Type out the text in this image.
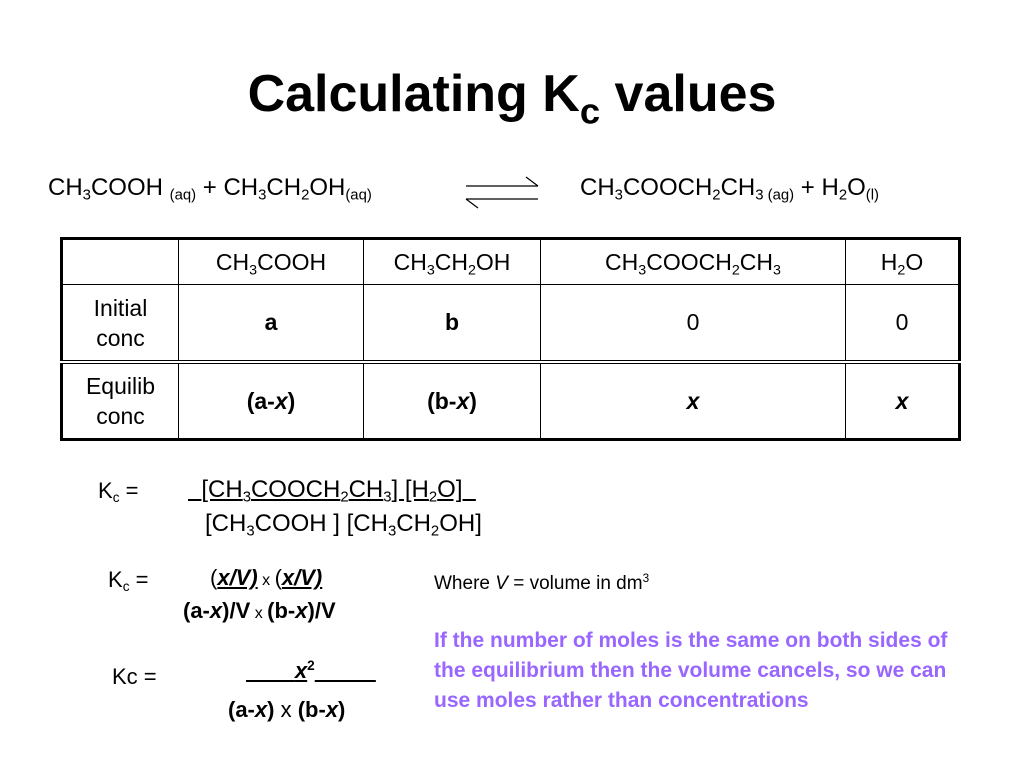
Calculating $K_c$ values
$CH_3COOH$ $_{(aq)} + CH_3CH_2OH_{(aq)}$	$CH_3COOCH_2CH_3$ $_{(ag)} + H_2O_{(l)}$
	$CH_3COOH$	$CH_3CH_2OH$	$CH_3COOCH_2CH_3$	$H_2O$
Initial
conc	a	b	0	0
Equilib
conc	(a-x)	(b-x)	x	x
$K_c$ =	$[CH_3COOCH_2CH_3]$ $[H_2O]$
[$CH_3COOH$ ] $[CH_3CH_2OH]$
$K_c$ =	(x/V) x (x/V)
(a-x)/V x (b-x)/V
Kc =	$x^2$
(a-x) x (b-x)
Where V = volume in $dm^3$
If the number of moles is the same on both sides of the equilibrium then the volume cancels, so we can use moles rather than concentrations
